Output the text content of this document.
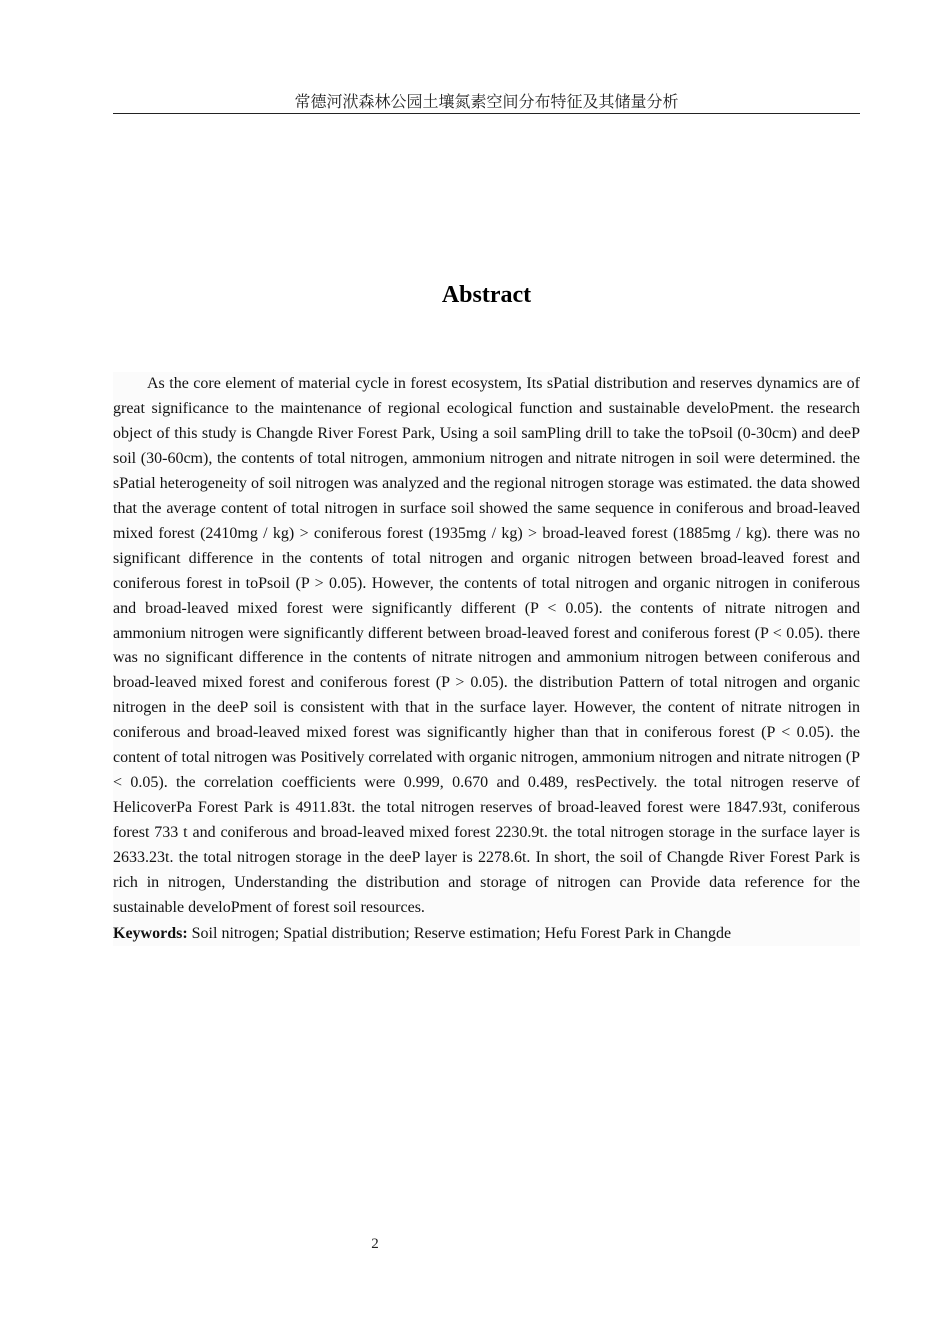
常德河洑森林公园土壤氮素空间分布特征及其储量分析
Abstract

As the core element of material cycle in forest ecosystem, Its sPatial distribution and reserves dynamics are of great significance to the maintenance of regional ecological function and sustainable develoPment. the research object of this study is Changde River Forest Park, Using a soil samPling drill to take the toPsoil (0-30cm) and deeP soil (30-60cm), the contents of total nitrogen, ammonium nitrogen and nitrate nitrogen in soil were determined. the sPatial heterogeneity of soil nitrogen was analyzed and the regional nitrogen storage was estimated. the data showed that the average content of total nitrogen in surface soil showed the same sequence in coniferous and broad-leaved mixed forest (2410mg / kg) > coniferous forest (1935mg / kg) > broad-leaved forest (1885mg / kg). there was no significant difference in the contents of total nitrogen and organic nitrogen between broad-leaved forest and coniferous forest in toPsoil (P > 0.05). However, the contents of total nitrogen and organic nitrogen in coniferous and broad-leaved mixed forest were significantly different (P < 0.05). the contents of nitrate nitrogen and ammonium nitrogen were significantly different between broad-leaved forest and coniferous forest (P < 0.05). there was no significant difference in the contents of nitrate nitrogen and ammonium nitrogen between coniferous and broad-leaved mixed forest and coniferous forest (P > 0.05). the distribution Pattern of total nitrogen and organic nitrogen in the deeP soil is consistent with that in the surface layer. However, the content of nitrate nitrogen in coniferous and broad-leaved mixed forest was significantly higher than that in coniferous forest (P < 0.05). the content of total nitrogen was Positively correlated with organic nitrogen, ammonium nitrogen and nitrate nitrogen (P < 0.05). the correlation coefficients were 0.999, 0.670 and 0.489, resPectively. the total nitrogen reserve of HelicoverPa Forest Park is 4911.83t. the total nitrogen reserves of broad-leaved forest were 1847.93t, coniferous forest 733 t and coniferous and broad-leaved mixed forest 2230.9t. the total nitrogen storage in the surface layer is 2633.23t. the total nitrogen storage in the deeP layer is 2278.6t. In short, the soil of Changde River Forest Park is rich in nitrogen, Understanding the distribution and storage of nitrogen can Provide data reference for the sustainable develoPment of forest soil resources.

Keywords: Soil nitrogen; Spatial distribution; Reserve estimation; Hefu Forest Park in Changde

2
